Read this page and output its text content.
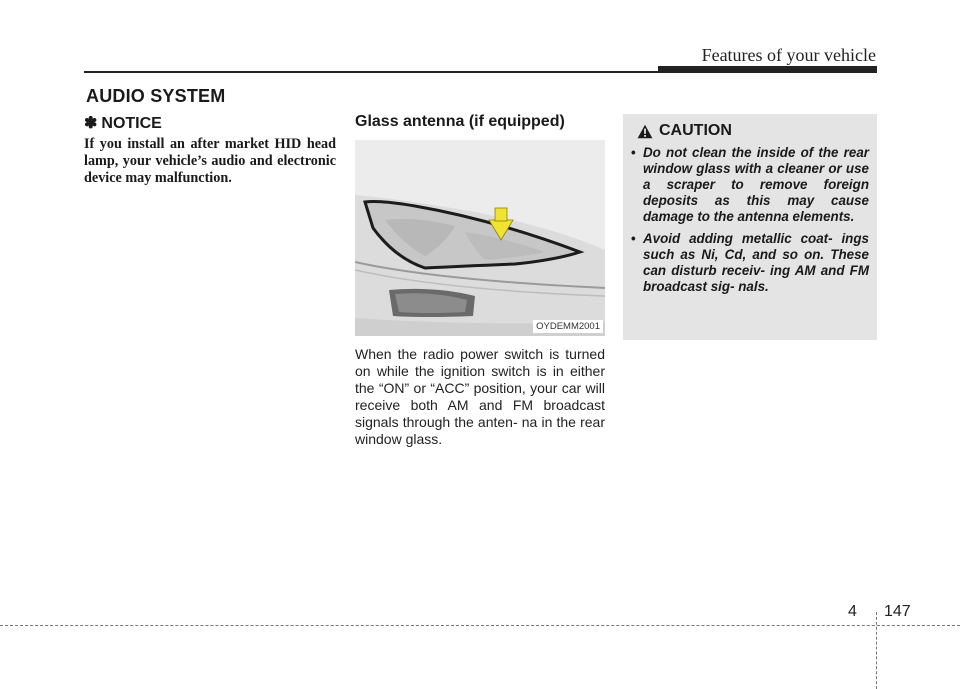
Features of your vehicle
AUDIO SYSTEM
✽ NOTICE
If you install an after market HID head lamp, your vehicle’s audio and electronic device may malfunction.
Glass antenna (if equipped)
OYDEMM2001
When the radio power switch is turned on while the ignition switch is in either the “ON” or “ACC” position, your car will receive both AM and FM broadcast signals through the anten- na in the rear window glass.
CAUTION
• Do not clean the inside of the rear window glass with a cleaner or use a scraper to remove foreign deposits as this may cause damage to the antenna elements.
• Avoid adding metallic coat- ings such as Ni, Cd, and so on. These can disturb receiv- ing AM and FM broadcast sig- nals.
4 147
